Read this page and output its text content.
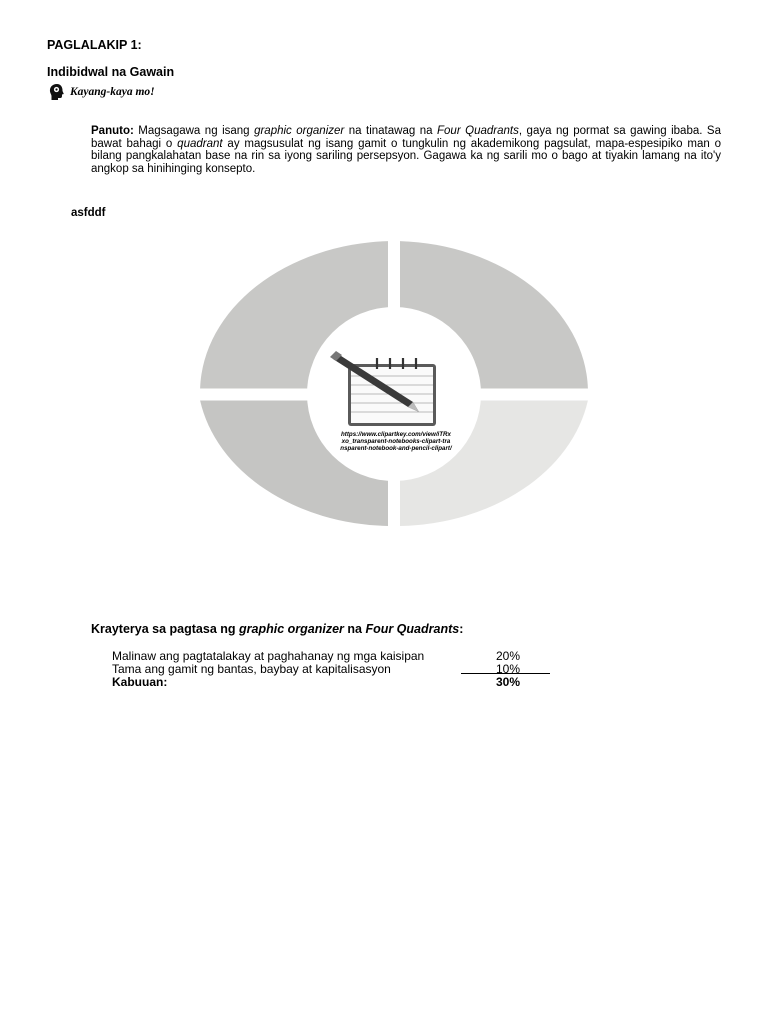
PAGLALAKIP 1:
Indibidwal na Gawain
Kayang-kaya mo!
Panuto: Magsagawa ng isang graphic organizer na tinatawag na Four Quadrants, gaya ng pormat sa gawing ibaba. Sa bawat bahagi o quadrant ay magsusulat ng isang gamit o tungkulin ng akademikong pagsulat, mapa-espesipiko man o bilang pangkalahatan base na rin sa iyong sariling persepsyon. Gagawa ka ng sarili mo o bago at tiyakin lamang na ito'y angkop sa hinihinging konsepto.
asfddf
https://www.clipartkey.com/view/iTRxxo_transparent-notebooks-clipart-transparent-notebook-and-pencil-clipart/
Krayterya sa pagtasa ng graphic organizer na Four Quadrants:
Malinaw ang pagtatalakay at paghahanay ng mga kaisipan	20%
Tama ang gamit ng bantas, baybay at kapitalisasyon	10%
Kabuuan:	30%
